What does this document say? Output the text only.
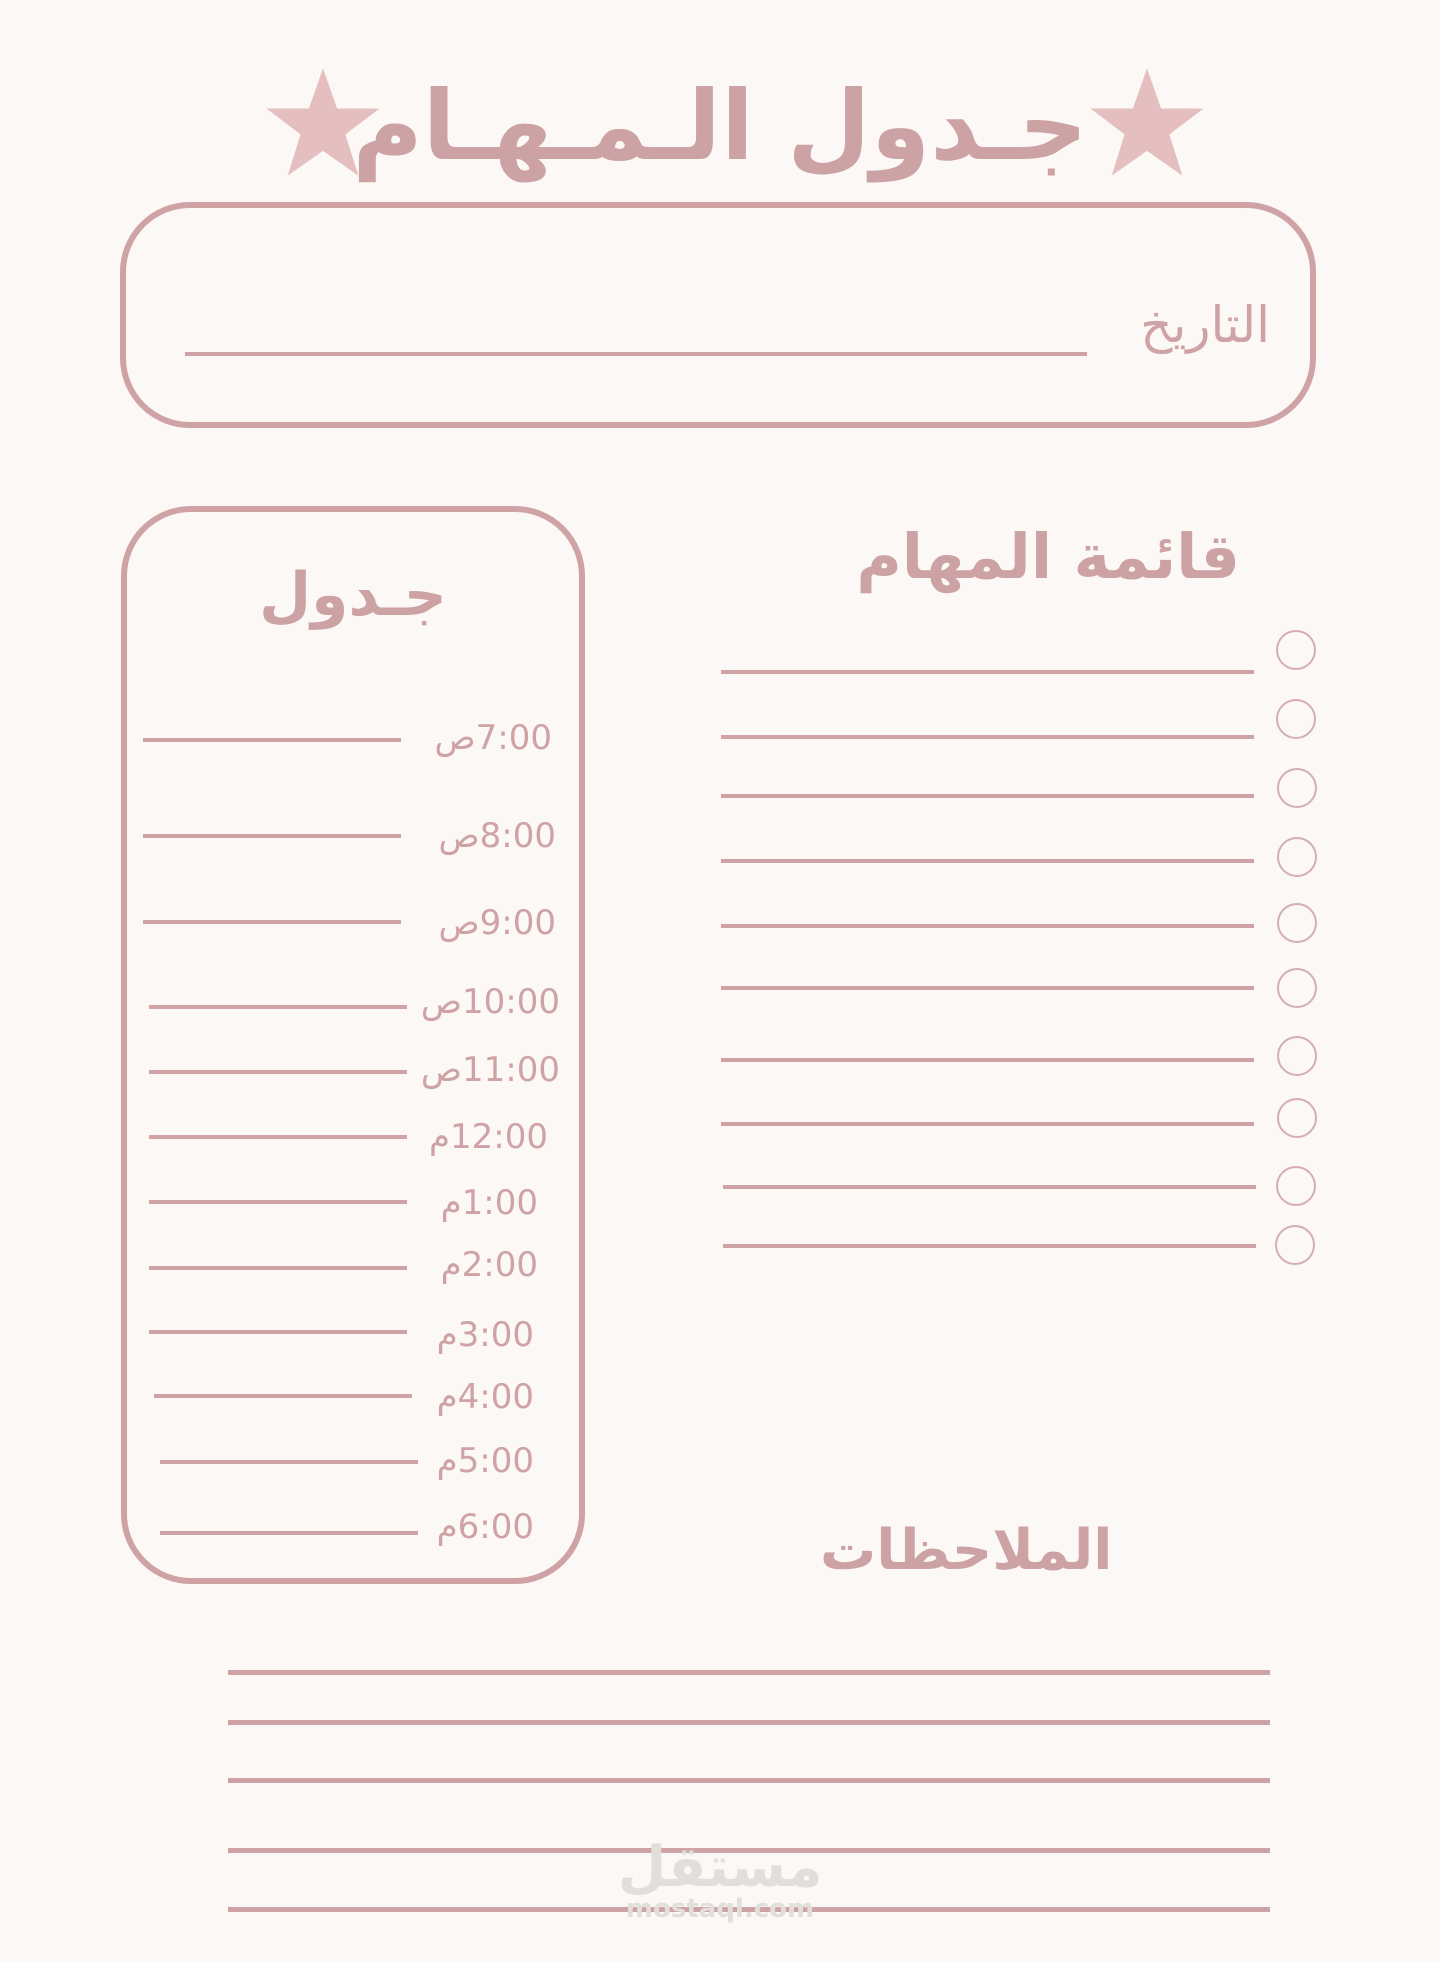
جـدول الـمـهـام
التاريخ
جـدول
7:00ص
8:00ص
9:00ص
10:00ص
11:00ص
12:00م
1:00م
2:00م
3:00م
4:00م
5:00م
6:00م
قائمة المهام
الملاحظات
مستقل
mostaql.com
